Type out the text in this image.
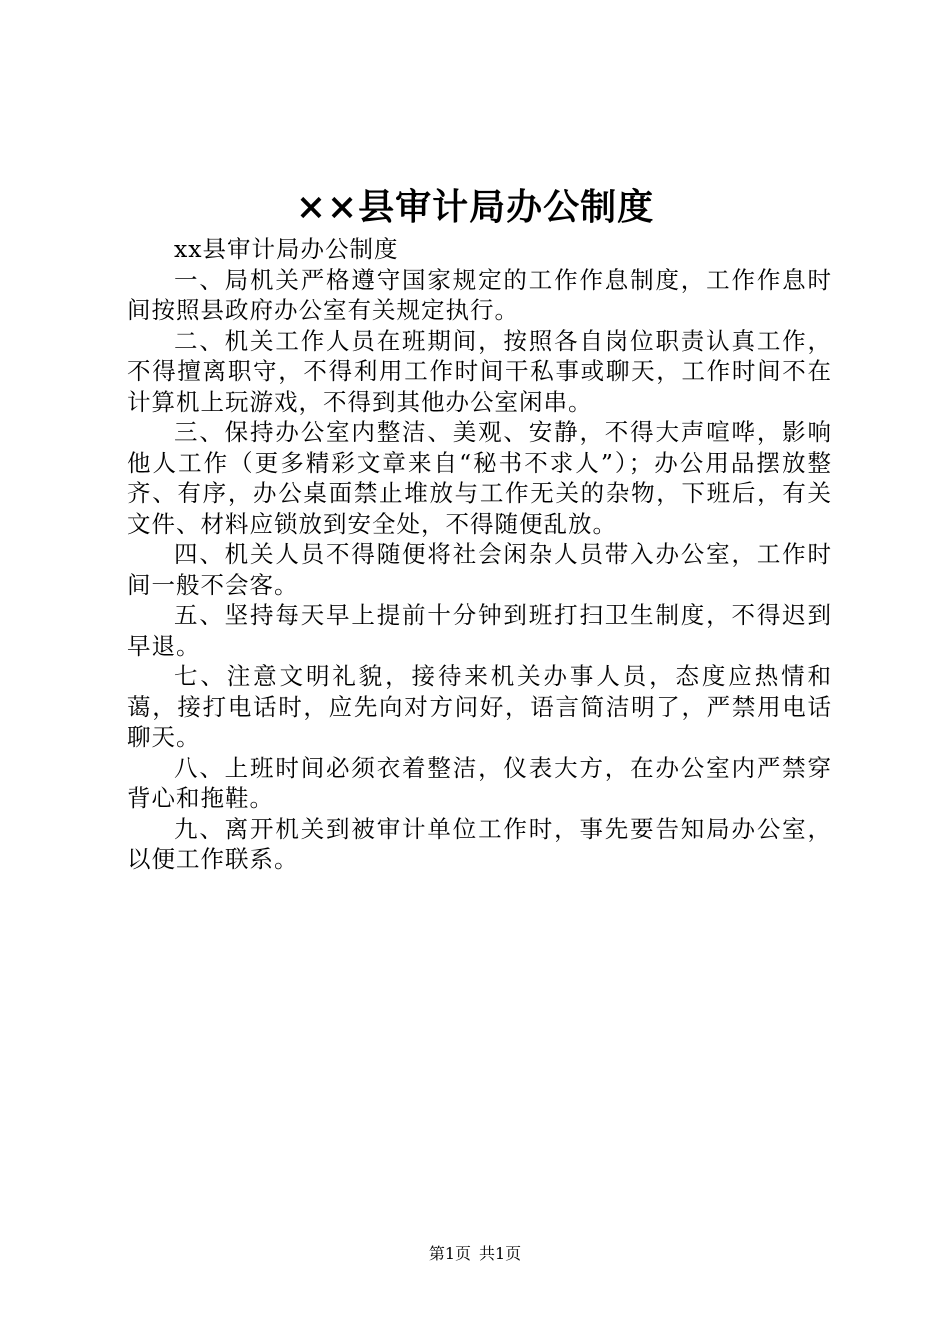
××县审计局办公制度

xx县审计局办公制度

一、局机关严格遵守国家规定的工作作息制度，工作作息时间按照县政府办公室有关规定执行。

二、机关工作人员在班期间，按照各自岗位职责认真工作，不得擅离职守，不得利用工作时间干私事或聊天，工作时间不在计算机上玩游戏，不得到其他办公室闲串。

三、保持办公室内整洁、美观、安静，不得大声喧哗，影响他人工作（更多精彩文章来自“秘书不求人”）；办公用品摆放整齐、有序，办公桌面禁止堆放与工作无关的杂物，下班后，有关文件、材料应锁放到安全处，不得随便乱放。

四、机关人员不得随便将社会闲杂人员带入办公室，工作时间一般不会客。

五、坚持每天早上提前十分钟到班打扫卫生制度，不得迟到早退。

七、注意文明礼貌，接待来机关办事人员，态度应热情和蔼，接打电话时，应先向对方问好，语言简洁明了，严禁用电话聊天。

八、上班时间必须衣着整洁，仪表大方，在办公室内严禁穿背心和拖鞋。

九、离开机关到被审计单位工作时，事先要告知局办公室，以便工作联系。

第1页 共1页
